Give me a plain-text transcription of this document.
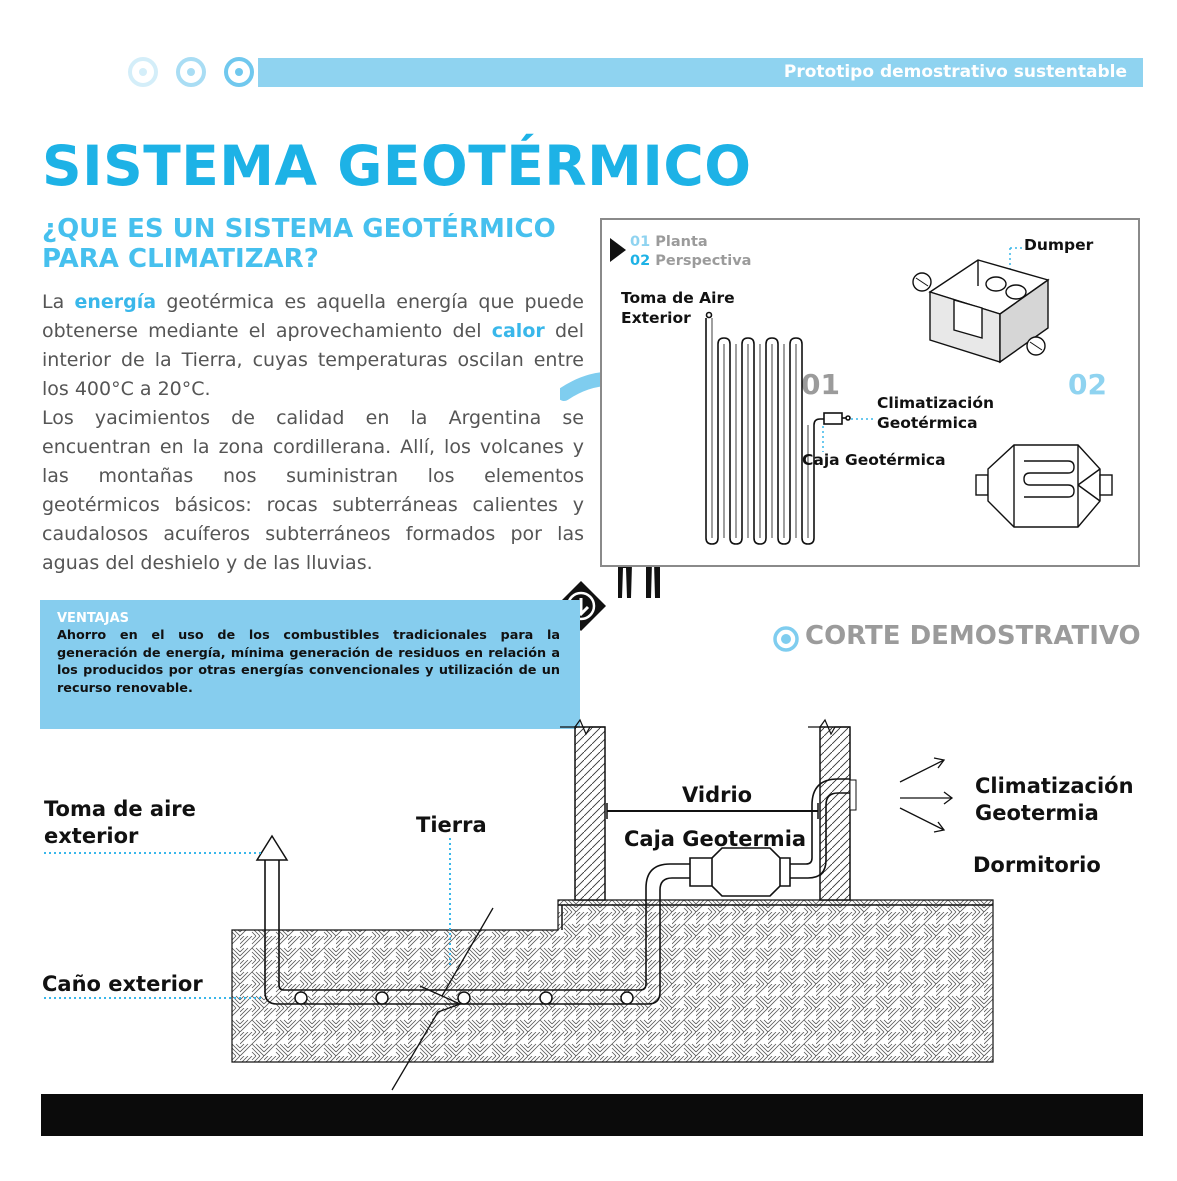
Prototipo demostrativo sustentable
SISTEMA GEOTÉRMICO
¿QUE ES UN SISTEMA GEOTÉRMICO PARA CLIMATIZAR?
La energía geotérmica es aquella energía que puede obtenerse mediante el aprovechamiento del calor del interior de la Tierra, cuyas temperaturas oscilan entre los 400°C a 20°C.
Los yacimientos de calidad en la Argentina se encuentran en la zona cordillerana. Allí, los volcanes y las montañas nos suministran los elementos geotérmicos básicos: rocas subterráneas calientes y caudalosos acuíferos subterráneos formados por las aguas del deshielo y de las lluvias.
01 Planta
02 Perspectiva
Toma de Aire Exterior
Climatización Geotérmica
Caja Geotérmica
Dumper
01	02
VENTAJAS
Ahorro en el uso de los combustibles tradicionales para la generación de energía, mínima generación de residuos en relación a los producidos por otras energías convencionales y utilización de un recurso renovable.
CORTE DEMOSTRATIVO
Toma de aire exterior	Tierra
Caño exterior
Vidrio
Caja Geotermia
Climatización Geotermia
Dormitorio
